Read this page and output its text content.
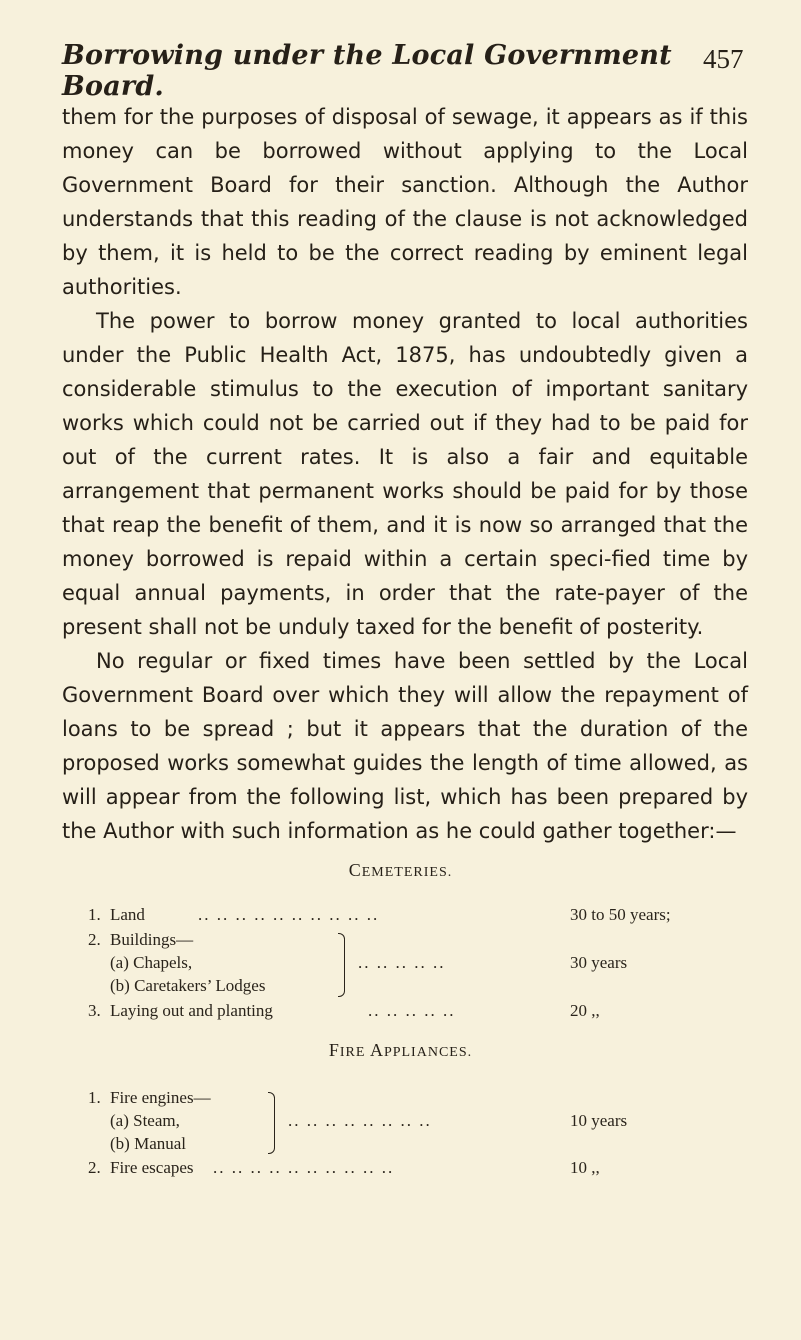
Borrowing under the Local Government Board.
457

them for the purposes of disposal of sewage, it appears as if this money can be borrowed without applying to the Local Government Board for their sanction. Although the Author understands that this reading of the clause is not acknowledged by them, it is held to be the correct reading by eminent legal authorities.

The power to borrow money granted to local authorities under the Public Health Act, 1875, has undoubtedly given a considerable stimulus to the execution of important sanitary works which could not be carried out if they had to be paid for out of the current rates. It is also a fair and equitable arrangement that permanent works should be paid for by those that reap the benefit of them, and it is now so arranged that the money borrowed is repaid within a certain speci-fied time by equal annual payments, in order that the rate-payer of the present shall not be unduly taxed for the benefit of posterity.

No regular or fixed times have been settled by the Local Government Board over which they will allow the repayment of loans to be spread ; but it appears that the duration of the proposed works somewhat guides the length of time allowed, as will appear from the following list, which has been prepared by the Author with such information as he could gather together:—

CEMETERIES.
1. Land	.. .. .. .. .. .. .. .. .. ..	30 to 50 years;
2. Buildings—
(a) Chapels,	.. .. .. .. ..	30 years
(b) Caretakers’ Lodges
3. Laying out and planting	.. .. .. .. ..	20 ,,
FIRE APPLIANCES.
1. Fire engines—
(a) Steam,	.. .. .. .. .. .. .. ..	10 years
(b) Manual
2. Fire escapes .. .. .. .. .. .. .. .. .. ..	10 ,,
